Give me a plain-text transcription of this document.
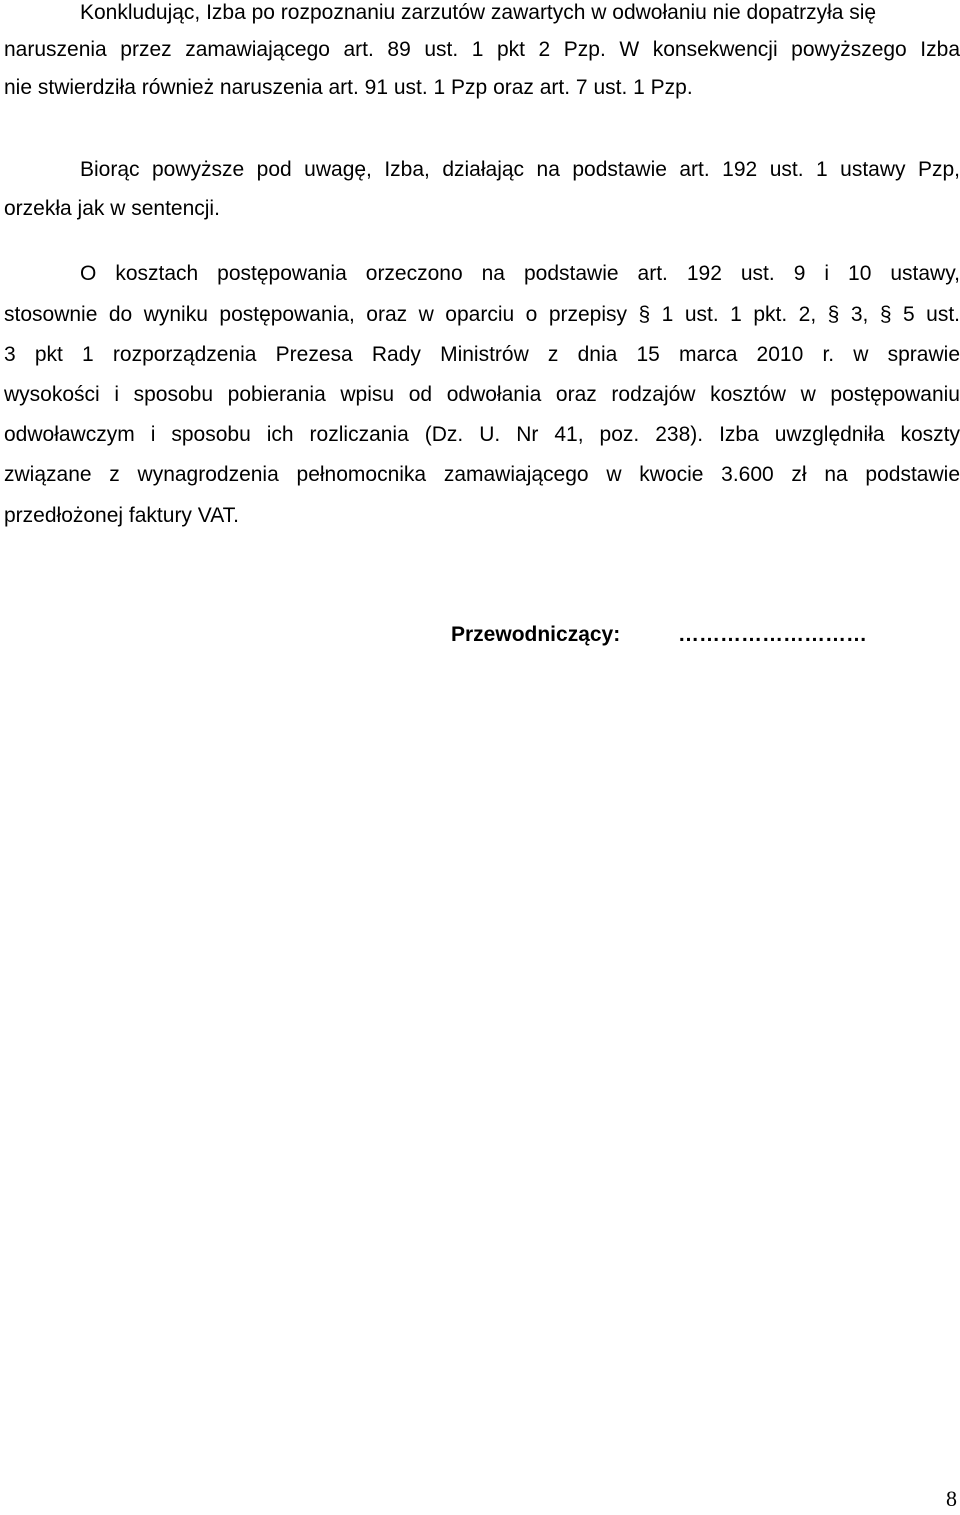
Konkludując, Izba po rozpoznaniu zarzutów zawartych w odwołaniu nie dopatrzyła się
naruszenia przez zamawiającego art. 89 ust. 1 pkt 2 Pzp. W konsekwencji powyższego Izba
nie stwierdziła również naruszenia art. 91 ust. 1 Pzp oraz art. 7 ust. 1 Pzp.
Biorąc powyższe pod uwagę, Izba, działając na podstawie art. 192 ust. 1 ustawy Pzp,
orzekła jak w sentencji.
O kosztach postępowania orzeczono na podstawie art. 192 ust. 9 i 10 ustawy,
stosownie do wyniku postępowania, oraz w oparciu o przepisy § 1 ust. 1 pkt. 2, § 3, § 5 ust.
3 pkt 1 rozporządzenia Prezesa Rady Ministrów z dnia 15 marca 2010 r. w sprawie
wysokości i sposobu pobierania wpisu od odwołania oraz rodzajów kosztów w postępowaniu
odwoławczym i sposobu ich rozliczania (Dz. U. Nr 41, poz. 238). Izba uwzględniła koszty
związane z wynagrodzenia pełnomocnika zamawiającego w kwocie 3.600 zł na podstawie
przedłożonej faktury VAT.
Przewodniczący:	………………………
8
